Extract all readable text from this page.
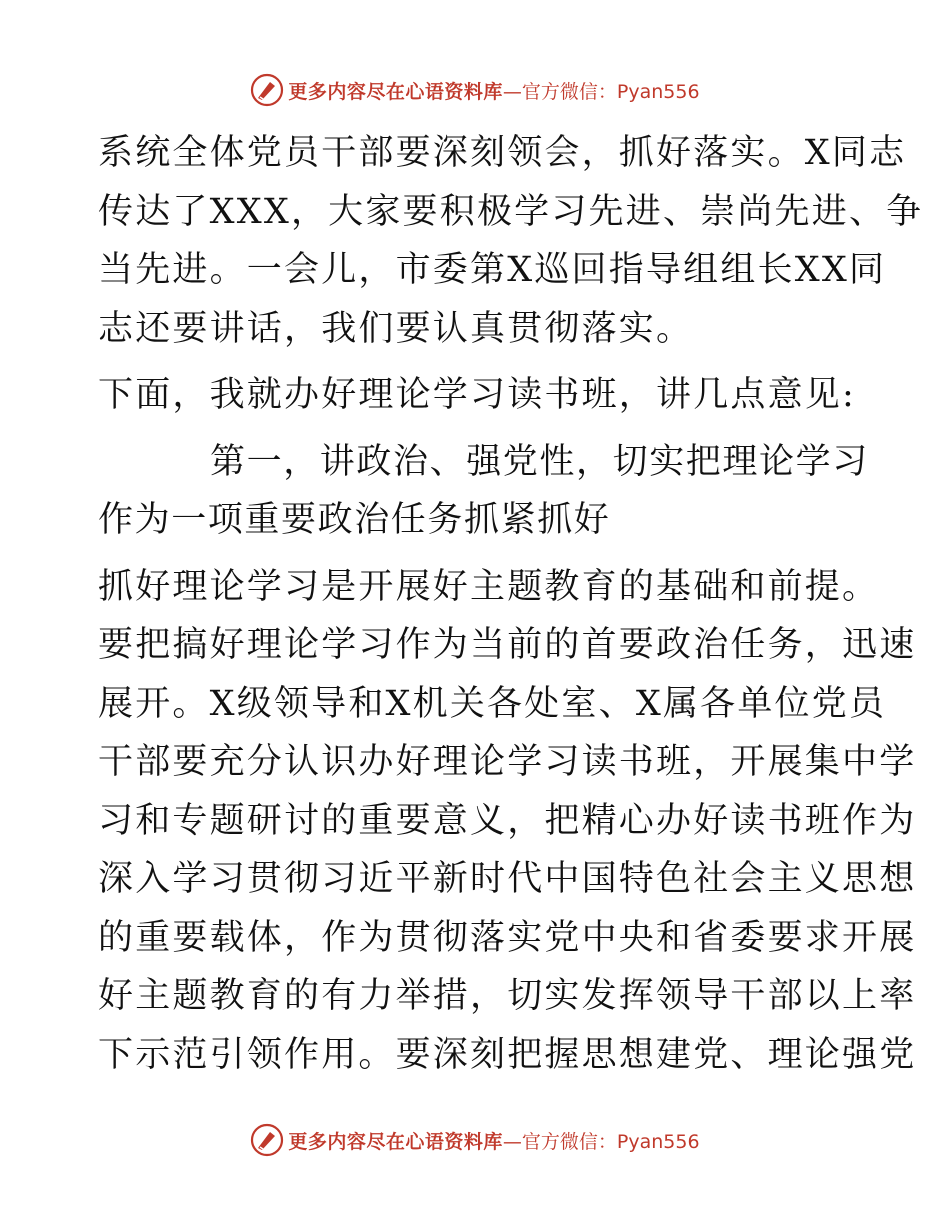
更多内容尽在心语资料库 —官方微信：Pyan556
系统全体党员干部要深刻领会，抓好落实。X同志
传达了XXX，大家要积极学习先进、崇尚先进、争
当先进。一会儿，市委第X巡回指导组组长XX同
志还要讲话，我们要认真贯彻落实。
下面，我就办好理论学习读书班，讲几点意见:
第一，讲政治、强党性，切实把理论学习
作为一项重要政治任务抓紧抓好
抓好理论学习是开展好主题教育的基础和前提。
要把搞好理论学习作为当前的首要政治任务，迅速
展开。X级领导和X机关各处室、X属各单位党员
干部要充分认识办好理论学习读书班，开展集中学
习和专题研讨的重要意义，把精心办好读书班作为
深入学习贯彻习近平新时代中国特色社会主义思想
的重要载体，作为贯彻落实党中央和省委要求开展
好主题教育的有力举措，切实发挥领导干部以上率
下示范引领作用。要深刻把握思想建党、理论强党
更多内容尽在心语资料库 —官方微信：Pyan556
